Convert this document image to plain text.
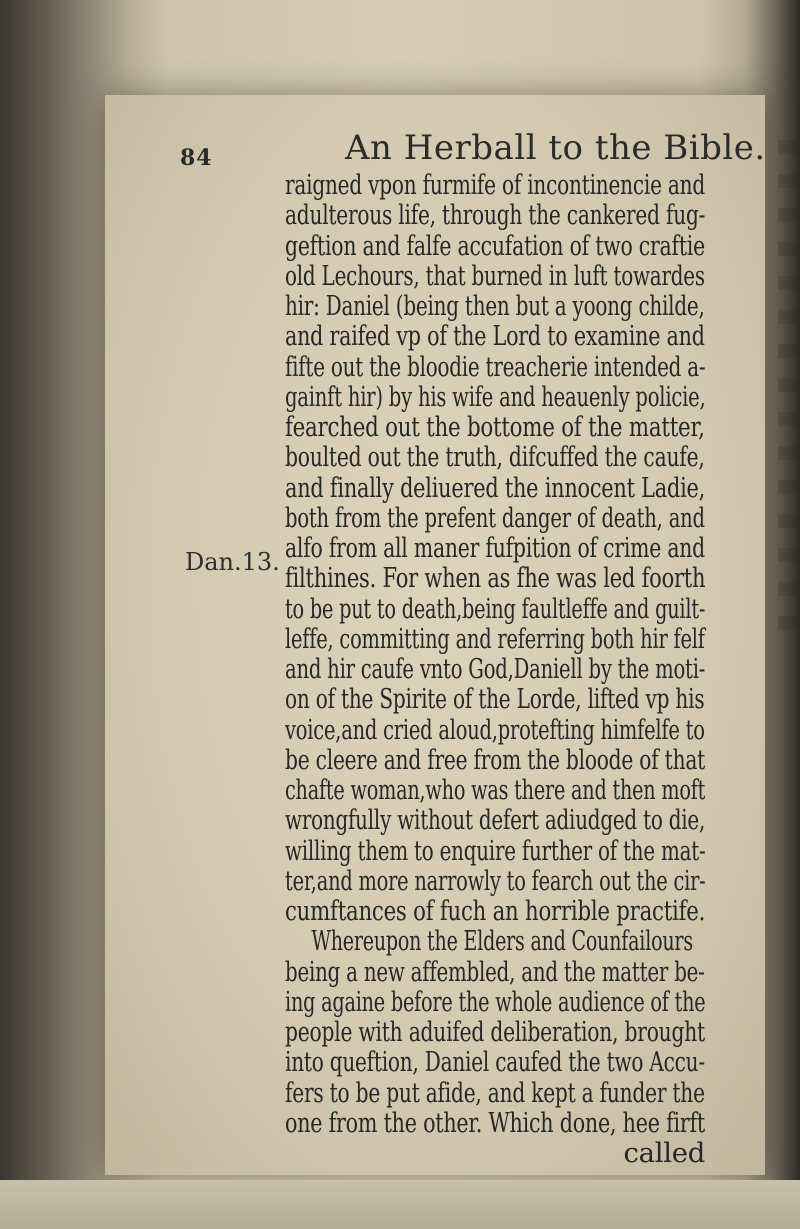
84	An Herball to the Bible.
Dan.13.
raigned vpon furmife of incontinencie and
adulterous life, through the cankered fug-
geftion and falfe accufation of two craftie
old Lechours, that burned in luft towardes
hir: Daniel (being then but a yoong childe,
and raifed vp of the Lord to examine and
fifte out the bloodie treacherie intended a-
gainft hir) by his wife and heauenly policie,
fearched out the bottome of the matter,
boulted out the truth, difcuffed the caufe,
and finally deliuered the innocent Ladie,
both from the prefent danger of death, and
alfo from all maner fufpition of crime and
filthines. For when as fhe was led foorth
to be put to death,being faultleffe and guilt-
leffe, committing and referring both hir felf
and hir caufe vnto God,Daniell by the moti-
on of the Spirite of the Lorde, lifted vp his
voice,and cried aloud,protefting himfelfe to
be cleere and free from the bloode of that
chafte woman,who was there and then moft
wrongfully without defert adiudged to die,
willing them to enquire further of the mat-
ter,and more narrowly to fearch out the cir-
cumftances of fuch an horrible practife.
Whereupon the Elders and Counfailours
being a new affembled, and the matter be-
ing againe before the whole audience of the
people with aduifed deliberation, brought
into queftion, Daniel caufed the two Accu-
fers to be put afide, and kept a funder the
one from the other. Which done, hee firft
called
